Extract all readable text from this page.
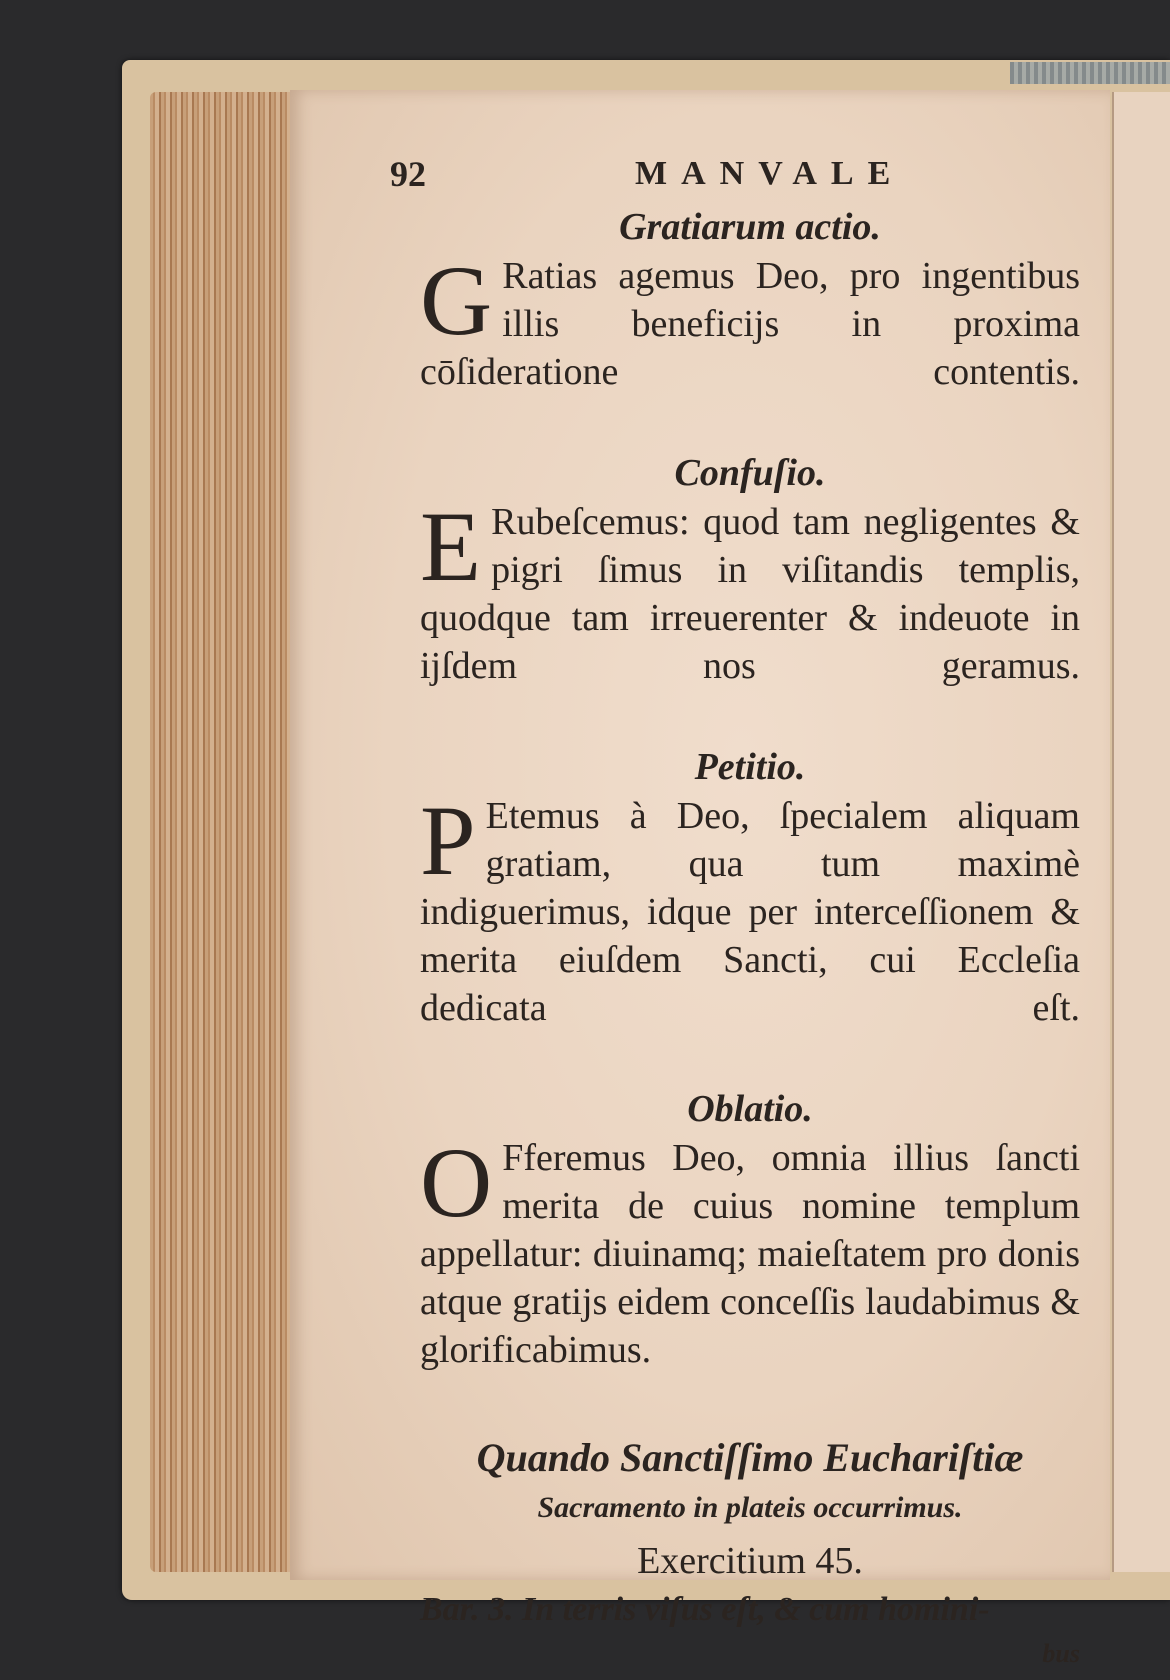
92	MANVALE
Gratiarum actio.

G Ratias agemus Deo, pro ingentibus illis beneficijs in proxima cōſideratione contentis.

Confuſio.

E Rubeſcemus: quod tam negligentes & pigri ſimus in viſitandis templis, quodque tam irreuerenter & indeuote in ijſdem nos geramus.

Petitio.

P Etemus à Deo, ſpecialem aliquam gratiam, qua tum maximè indiguerimus, idque per interceſſionem & merita eiuſdem Sancti, cui Eccleſia dedicata eſt.

Oblatio.

O Fferemus Deo, omnia illius ſancti merita de cuius nomine templum appellatur: diuinamq; maieſtatem pro donis atque gratijs eidem conceſſis laudabimus & glorificabimus.

Quando Sanctiſſimo Euchariſtiæ
Sacramento in plateis occurrimus.
Exercitium 45.
Bar. 3. In terris viſus eſt, & cum homini-
bus
